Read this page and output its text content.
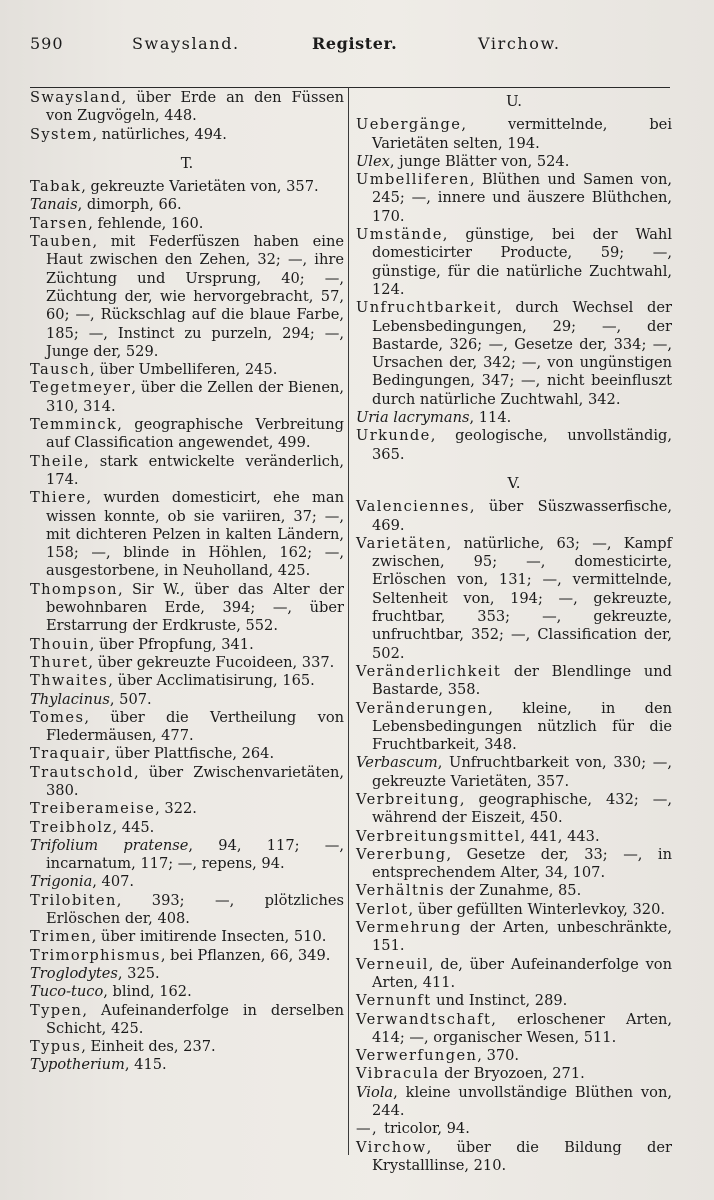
590	Swaysland.	Register.	Virchow.
Swaysland, über Erde an den Füssen von Zugvögeln, 448.
System, natürliches, 494.
T.
Tabak, gekreuzte Varietäten von, 357.
Tanais, dimorph, 66.
Tarsen, fehlende, 160.
Tauben, mit Federfüszen haben eine Haut zwischen den Zehen, 32; —, ihre Züchtung und Ursprung, 40; —, Züchtung der, wie hervorgebracht, 57, 60; —, Rückschlag auf die blaue Farbe, 185; —, Instinct zu purzeln, 294; —, Junge der, 529.
Tausch, über Umbelliferen, 245.
Tegetmeyer, über die Zellen der Bienen, 310, 314.
Temminck, geographische Verbreitung auf Classification angewendet, 499.
Theile, stark entwickelte veränderlich, 174.
Thiere, wurden domesticirt, ehe man wissen konnte, ob sie variiren, 37; —, mit dichteren Pelzen in kalten Ländern, 158; —, blinde in Höhlen, 162; —, ausgestorbene, in Neuholland, 425.
Thompson, Sir W., über das Alter der bewohnbaren Erde, 394; —, über Erstarrung der Erdkruste, 552.
Thouin, über Pfropfung, 341.
Thuret, über gekreuzte Fucoideen, 337.
Thwaites, über Acclimatisirung, 165.
Thylacinus, 507.
Tomes, über die Vertheilung von Fledermäusen, 477.
Traquair, über Plattfische, 264.
Trautschold, über Zwischenvarietäten, 380.
Treiberameise, 322.
Treibholz, 445.
Trifolium pratense, 94, 117; —, incarnatum, 117; —, repens, 94.
Trigonia, 407.
Trilobiten, 393; —, plötzliches Erlöschen der, 408.
Trimen, über imitirende Insecten, 510.
Trimorphismus, bei Pflanzen, 66, 349.
Troglodytes, 325.
Tuco-tuco, blind, 162.
Typen, Aufeinanderfolge in derselben Schicht, 425.
Typus, Einheit des, 237.
Typotherium, 415.
U.
Uebergänge, vermittelnde, bei Varietäten selten, 194.
Ulex, junge Blätter von, 524.
Umbelliferen, Blüthen und Samen von, 245; —, innere und äuszere Blüthchen, 170.
Umstände, günstige, bei der Wahl domesticirter Producte, 59; —, günstige, für die natürliche Zuchtwahl, 124.
Unfruchtbarkeit, durch Wechsel der Lebensbedingungen, 29; —, der Bastarde, 326; —, Gesetze der, 334; —, Ursachen der, 342; —, von ungünstigen Bedingungen, 347; —, nicht beeinfluszt durch natürliche Zuchtwahl, 342.
Uria lacrymans, 114.
Urkunde, geologische, unvollständig, 365.
V.
Valenciennes, über Süszwasserfische, 469.
Varietäten, natürliche, 63; —, Kampf zwischen, 95; —, domesticirte, Erlöschen von, 131; —, vermittelnde, Seltenheit von, 194; —, gekreuzte, fruchtbar, 353; —, gekreuzte, unfruchtbar, 352; —, Classification der, 502.
Veränderlichkeit der Blendlinge und Bastarde, 358.
Veränderungen, kleine, in den Lebensbedingungen nützlich für die Fruchtbarkeit, 348.
Verbascum, Unfruchtbarkeit von, 330; —, gekreuzte Varietäten, 357.
Verbreitung, geographische, 432; —, während der Eiszeit, 450.
Verbreitungsmittel, 441, 443.
Vererbung, Gesetze der, 33; —, in entsprechendem Alter, 34, 107.
Verhältnis der Zunahme, 85.
Verlot, über gefüllten Winterlevkoy, 320.
Vermehrung der Arten, unbeschränkte, 151.
Verneuil, de, über Aufeinanderfolge von Arten, 411.
Vernunft und Instinct, 289.
Verwandtschaft, erloschener Arten, 414; —, organischer Wesen, 511.
Verwerfungen, 370.
Vibracula der Bryozoen, 271.
Viola, kleine unvollständige Blüthen von, 244.
—, tricolor, 94.
Virchow, über die Bildung der Krystalllinse, 210.
